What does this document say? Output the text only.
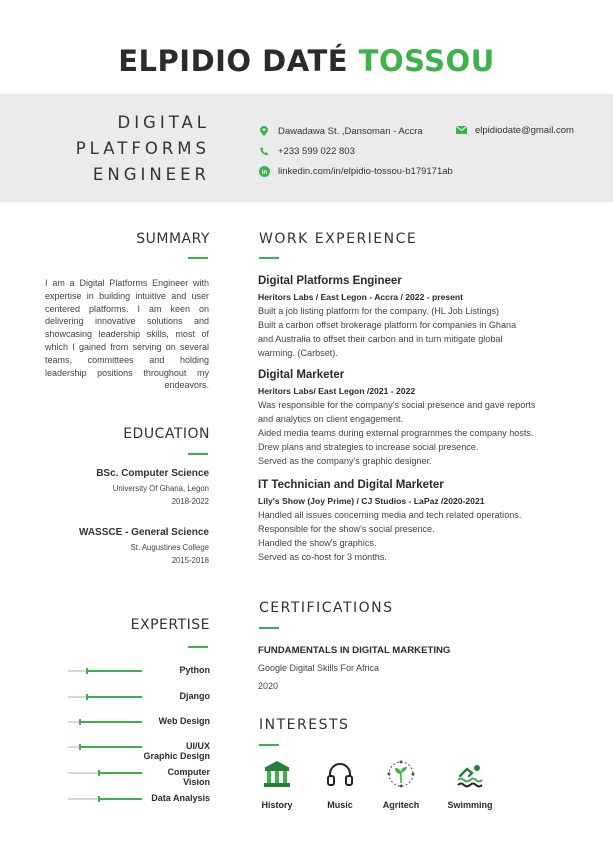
ELPIDIO DATÉ TOSSOU
DIGITAL
PLATFORMS
ENGINEER
Dawadawa St. ,Dansoman - Accra	elpidiodate@gmail.com
+233 599 022 803
in linkedin.com/in/elpidio-tossou-b179171ab
SUMMARY
I am a Digital Platforms Engineer with expertise in building intuitive and user centered platforms. I am keen on delivering innovative solutions and showcasing leadership skills, most of which I gained from serving on several teams, committees and holding leadership positions throughout my endeavors.
EDUCATION
BSc. Computer Science
University Of Ghana, Legon
2018-2022
WASSCE - General Science
St. Augustines College
2015-2018
EXPERTISE
Python
Django
Web Design
UI/UX
Graphic Design
Computer
Vision
Data Analysis
WORK EXPERIENCE
Digital Platforms Engineer
Heritors Labs / East Legon - Accra / 2022 - present
Built a job listing platform for the company. (HL Job Listings)
Built a carbon offset brokerage platform for companies in Ghana
and Australia to offset their carbon and in turn mitigate global
warming. (Carbset).
Digital Marketer
Heritors Labs/ East Legon /2021 - 2022
Was responsible for the company's social presence and gave reports
and analytics on client engagement.
Aided media teams during external programmes the company hosts.
Drew plans and strategies to increase social presence.
Served as the company's graphic designer.
IT Technician and Digital Marketer
Lily's Show (Joy Prime) / CJ Studios - LaPaz /2020-2021
Handled all issues concerning media and tech related operations.
Responsible for the show's social presence.
Handled the show's graphics.
Served as co-host for 3 months.
CERTIFICATIONS
FUNDAMENTALS IN DIGITAL MARKETING
Google Digital Skills For Africa
2020
INTERESTS
History	Music	Agritech	Swimming
